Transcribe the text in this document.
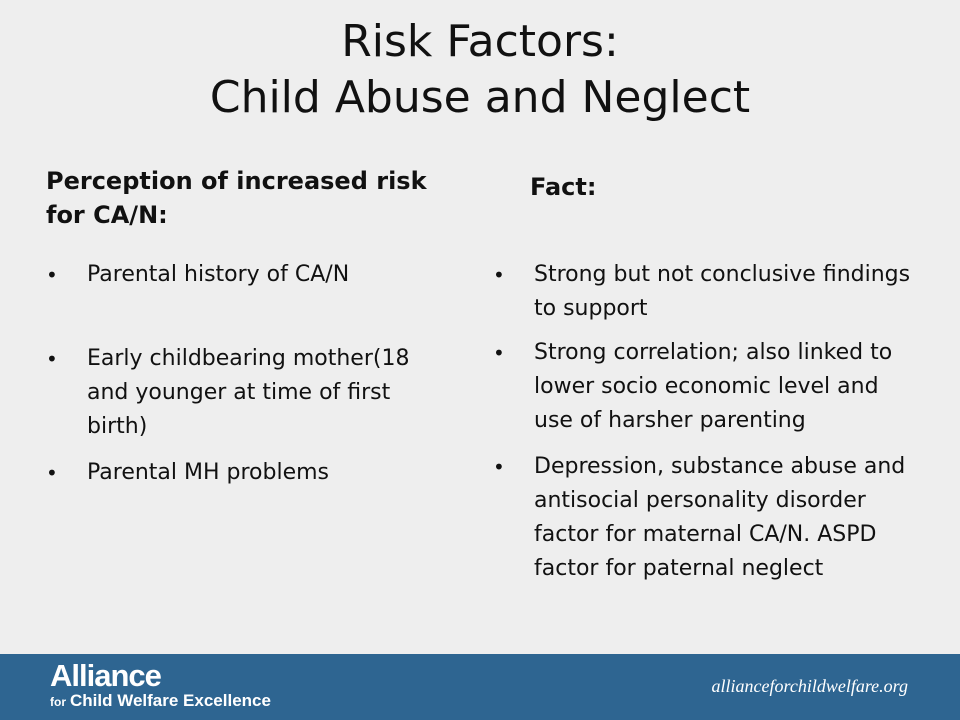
Risk Factors:
Child Abuse and Neglect
Perception of increased risk
for CA/N:
Fact:
• Parental history of CA/N
• Early childbearing mother(18 and younger at time of first birth)
• Parental MH problems
• Strong but not conclusive findings to support
• Strong correlation; also linked to lower socio economic level and use of harsher parenting
• Depression, substance abuse and antisocial personality disorder factor for maternal CA/N. ASPD factor for paternal neglect
Alliance
for Child Welfare Excellence
allianceforchildwelfare.org
